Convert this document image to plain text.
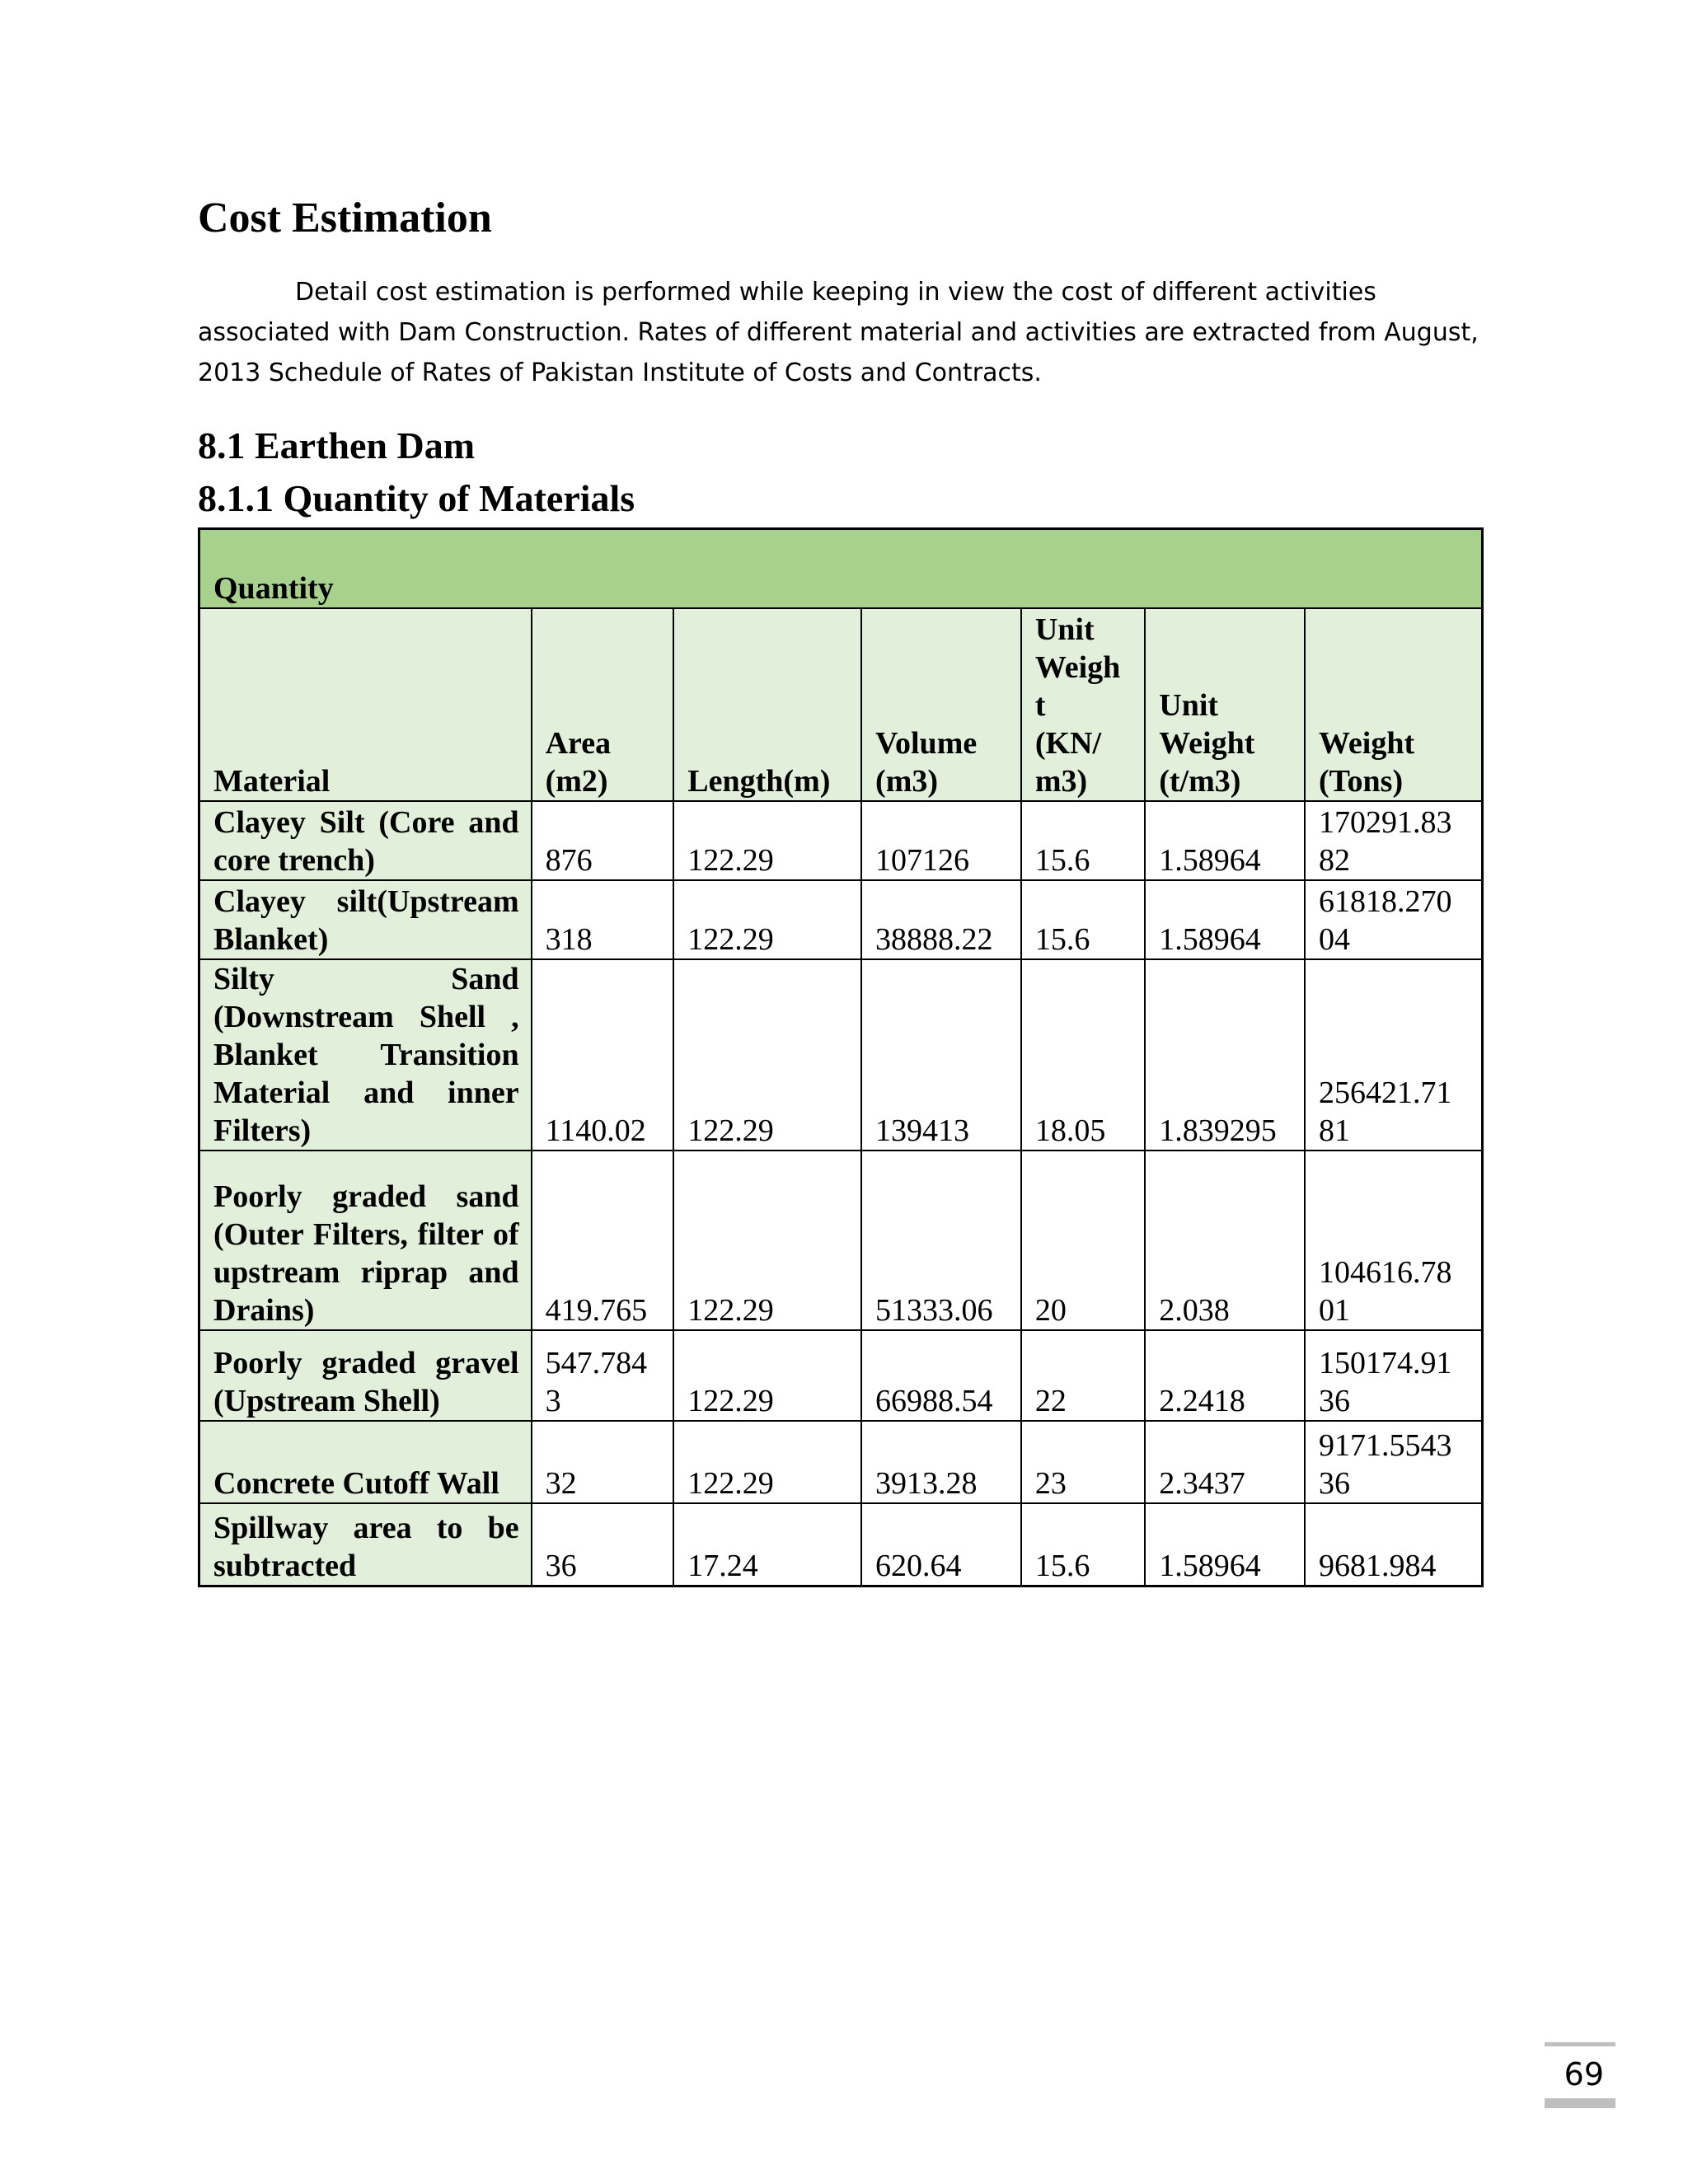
Cost Estimation

Detail cost estimation is performed while keeping in view the cost of different activities
associated with Dam Construction. Rates of different material and activities are extracted from August,
2013 Schedule of Rates of Pakistan Institute of Costs and Contracts.

8.1 Earthen Dam
8.1.1 Quantity of Materials
Quantity						
Material	Area
(m2)	Length(m)	Volume
(m3)	Unit
Weigh
t
(KN/
m3)	Unit
Weight
(t/m3)	Weight
(Tons)
Clayey Silt (Core and core trench)	876	122.29	107126	15.6	1.58964	170291.83
82
Clayey silt(Upstream Blanket)	318	122.29	38888.22	15.6	1.58964	61818.270
04
Silty Sand (Downstream Shell , Blanket Transition Material and inner Filters)	1140.02	122.29	139413	18.05	1.839295	256421.71
81
Poorly graded sand (Outer Filters, filter of upstream riprap and Drains)	419.765	122.29	51333.06	20	2.038	104616.78
01
Poorly graded gravel (Upstream Shell)	547.784
3	122.29	66988.54	22	2.2418	150174.91
36
Concrete Cutoff Wall	32	122.29	3913.28	23	2.3437	9171.5543
36
Spillway area to be subtracted	36	17.24	620.64	15.6	1.58964	9681.984
69
